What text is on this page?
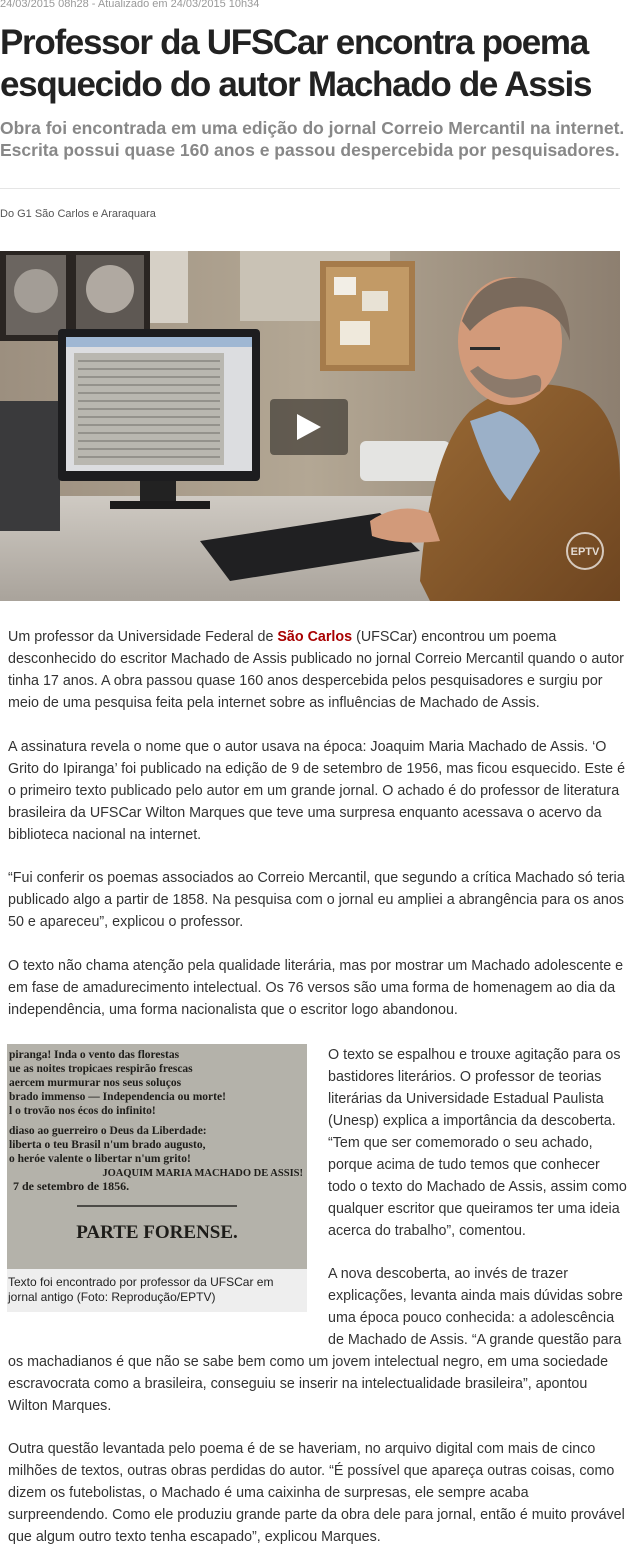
24/03/2015 08h28 - Atualizado em 24/03/2015 10h34
Professor da UFSCar encontra poema esquecido do autor Machado de Assis
Obra foi encontrada em uma edição do jornal Correio Mercantil na internet. Escrita possui quase 160 anos e passou despercebida por pesquisadores.
Do G1 São Carlos e Araraquara
EPTV

Um professor da Universidade Federal de São Carlos (UFSCar) encontrou um poema desconhecido do escritor Machado de Assis publicado no jornal Correio Mercantil quando o autor tinha 17 anos. A obra passou quase 160 anos despercebida pelos pesquisadores e surgiu por meio de uma pesquisa feita pela internet sobre as influências de Machado de Assis.

A assinatura revela o nome que o autor usava na época: Joaquim Maria Machado de Assis. ‘O Grito do Ipiranga’ foi publicado na edição de 9 de setembro de 1956, mas ficou esquecido. Este é o primeiro texto publicado pelo autor em um grande jornal. O achado é do professor de literatura brasileira da UFSCar Wilton Marques que teve uma surpresa enquanto acessava o acervo da biblioteca nacional na internet.

“Fui conferir os poemas associados ao Correio Mercantil, que segundo a crítica Machado só teria publicado algo a partir de 1858. Na pesquisa com o jornal eu ampliei a abrangência para os anos 50 e apareceu”, explicou o professor.

O texto não chama atenção pela qualidade literária, mas por mostrar um Machado adolescente e em fase de amadurecimento intelectual. Os 76 versos são uma forma de homenagem ao dia da independência, uma forma nacionalista que o escritor logo abandonou.

piranga! Inda o vento das florestas
ue as noites tropicaes respirão frescas
aercem murmurar nos seus soluços
brado immenso — Independencia ou morte!
l o trovão nos écos do infinito!
diaso ao guerreiro o Deus da Liberdade:
liberta o teu Brasil n'um brado augusto,
o heróe valente o libertar n'um grito!
JOAQUIM MARIA MACHADO DE ASSIS!
7 de setembro de 1856.
PARTE FORENSE.
Texto foi encontrado por professor da UFSCar em jornal antigo (Foto: Reprodução/EPTV)

O texto se espalhou e trouxe agitação para os bastidores literários. O professor de teorias literárias da Universidade Estadual Paulista (Unesp) explica a importância da descoberta. “Tem que ser comemorado o seu achado, porque acima de tudo temos que conhecer todo o texto do Machado de Assis, assim como qualquer escritor que queiramos ter uma ideia acerca do trabalho”, comentou.

A nova descoberta, ao invés de trazer explicações, levanta ainda mais dúvidas sobre uma época pouco conhecida: a adolescência de Machado de Assis. “A grande questão para

os machadianos é que não se sabe bem como um jovem intelectual negro, em uma sociedade escravocrata como a brasileira, conseguiu se inserir na intelectualidade brasileira”, apontou Wilton Marques.

Outra questão levantada pelo poema é de se haveriam, no arquivo digital com mais de cinco milhões de textos, outras obras perdidas do autor. “É possível que apareça outras coisas, como dizem os futebolistas, o Machado é uma caixinha de surpresas, ele sempre acaba surpreendendo. Como ele produziu grande parte da obra dele para jornal, então é muito provável que algum outro texto tenha escapado”, explicou Marques.
